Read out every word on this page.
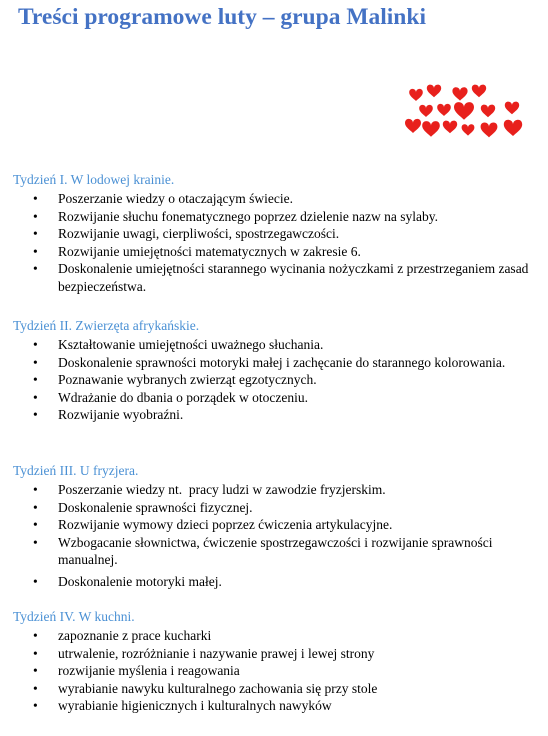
Treści programowe luty – grupa Malinki

Tydzień I. W lodowej krainie.

• Poszerzanie wiedzy o otaczającym świecie.
• Rozwijanie słuchu fonematycznego poprzez dzielenie nazw na sylaby.
• Rozwijanie uwagi, cierpliwości, spostrzegawczości.
• Rozwijanie umiejętności matematycznych w zakresie 6.
• Doskonalenie umiejętności starannego wycinania nożyczkami z przestrzeganiem zasad bezpieczeństwa.

Tydzień II. Zwierzęta afrykańskie.

• Kształtowanie umiejętności uważnego słuchania.
• Doskonalenie sprawności motoryki małej i zachęcanie do starannego kolorowania.
• Poznawanie wybranych zwierząt egzotycznych.
• Wdrażanie do dbania o porządek w otoczeniu.
• Rozwijanie wyobraźni.

Tydzień III. U fryzjera.

• Poszerzanie wiedzy nt.  pracy ludzi w zawodzie fryzjerskim.
• Doskonalenie sprawności fizycznej.
• Rozwijanie wymowy dzieci poprzez ćwiczenia artykulacyjne.
• Wzbogacanie słownictwa, ćwiczenie spostrzegawczości i rozwijanie sprawności manualnej.
• Doskonalenie motoryki małej.

Tydzień IV. W kuchni.

• zapoznanie z prace kucharki
• utrwalenie, rozróżnianie i nazywanie prawej i lewej strony
• rozwijanie myślenia i reagowania
• wyrabianie nawyku kulturalnego zachowania się przy stole
• wyrabianie higienicznych i kulturalnych nawyków
